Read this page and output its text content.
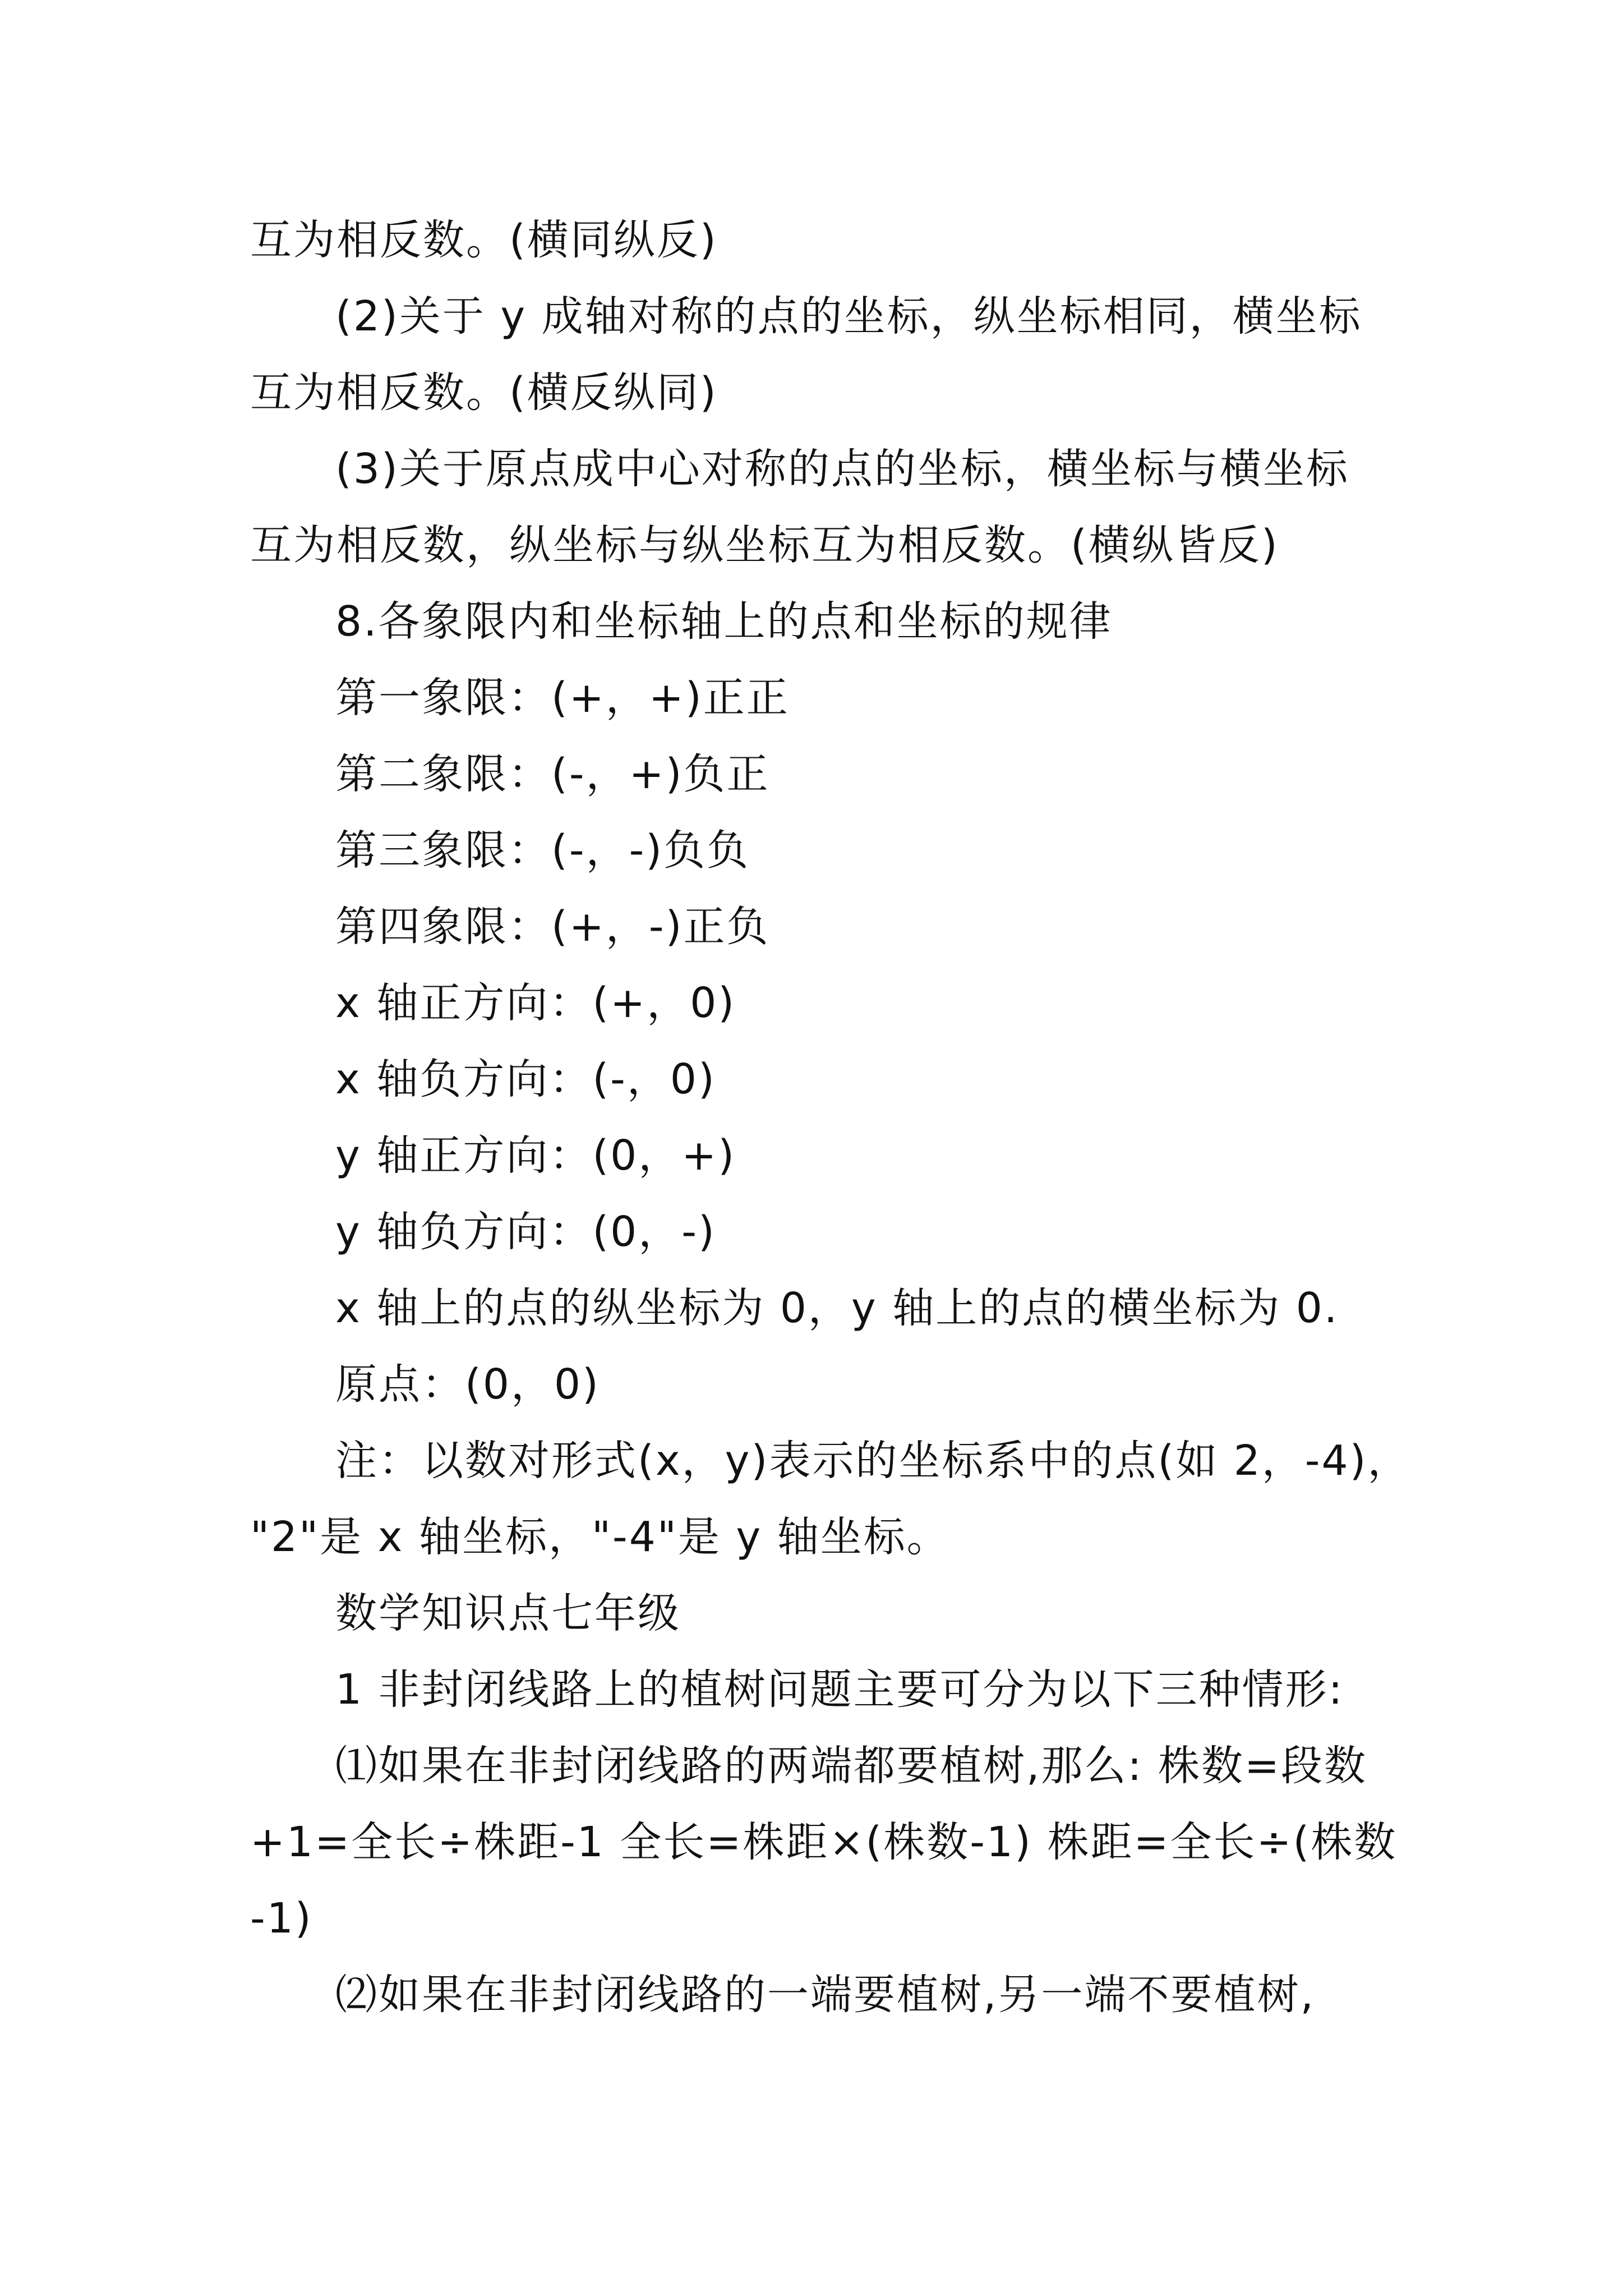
互为相反数。(横同纵反)
(2)关于 y 成轴对称的点的坐标，纵坐标相同，横坐标
互为相反数。(横反纵同)
(3)关于原点成中心对称的点的坐标，横坐标与横坐标
互为相反数，纵坐标与纵坐标互为相反数。(横纵皆反)
8.各象限内和坐标轴上的点和坐标的规律
第一象限：(+，+)正正
第二象限：(-，+)负正
第三象限：(-，-)负负
第四象限：(+，-)正负
x 轴正方向：(+，0)
x 轴负方向：(-，0)
y 轴正方向：(0，+)
y 轴负方向：(0，-)
x 轴上的点的纵坐标为 0，y 轴上的点的横坐标为 0.
原点：(0，0)
注：以数对形式(x，y)表示的坐标系中的点(如 2，-4)，
"2"是 x 轴坐标，"-4"是 y 轴坐标。
数学知识点七年级
1 非封闭线路上的植树问题主要可分为以下三种情形:
⑴如果在非封闭线路的两端都要植树,那么: 株数=段数
+1=全长÷株距-1 全长=株距×(株数-1) 株距=全长÷(株数
-1)
⑵如果在非封闭线路的一端要植树,另一端不要植树,
